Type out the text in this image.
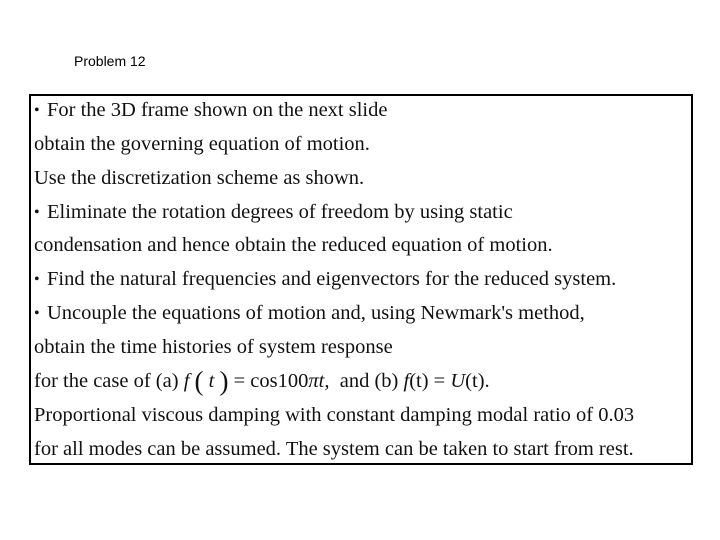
Problem 12
• For the 3D frame shown on the next slide
obtain the governing equation of motion.
Use the discretization scheme as shown.
• Eliminate the rotation degrees of freedom by using static
condensation and hence obtain the reduced equation of motion.
• Find the natural frequencies and eigenvectors for the reduced system.
• Uncouple the equations of motion and, using Newmark's method,
obtain the time histories of system response
for the case of (a) f ( t ) = cos100πt, and (b) f(t) = U(t).
Proportional viscous damping with constant damping modal ratio of 0.03
for all modes can be assumed. The system can be taken to start from rest.
